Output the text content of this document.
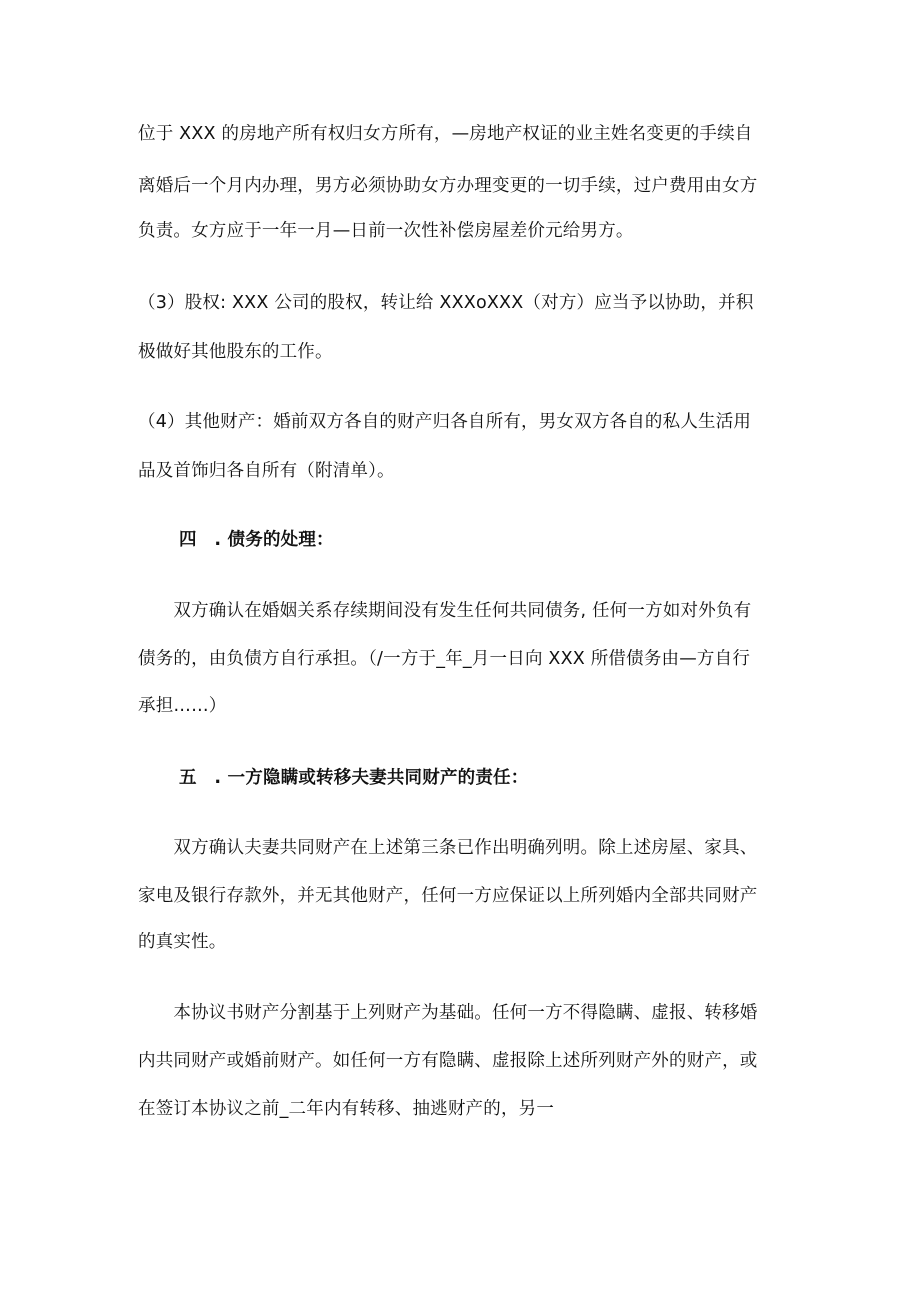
位于 XXX 的房地产所有权归女方所有，—房地产权证的业主姓名变更的手续自
离婚后一个月内办理，男方必须协助女方办理变更的一切手续，过户费用由女方
负责。女方应于一年一月—日前一次性补偿房屋差价元给男方。
（3）股权: XXX 公司的股权，转让给 XXXoXXX（对方）应当予以协助，并积
极做好其他股东的工作。
（4）其他财产：婚前双方各自的财产归各自所有，男女双方各自的私人生活用
品及首饰归各自所有（附清单）。
四　. 债务的处理：
　　双方确认在婚姻关系存续期间没有发生任何共同债务, 任何一方如对外负有
债务的，由负债方自行承担。（/一方于_年_月一日向 XXX 所借债务由—方自行
承担……）
五　. 一方隐瞒或转移夫妻共同财产的责任：
　　双方确认夫妻共同财产在上述第三条已作出明确列明。除上述房屋、家具、
家电及银行存款外，并无其他财产，任何一方应保证以上所列婚内全部共同财产
的真实性。
　　本协议书财产分割基于上列财产为基础。任何一方不得隐瞒、虚报、转移婚
内共同财产或婚前财产。如任何一方有隐瞒、虚报除上述所列财产外的财产，或
在签订本协议之前_二年内有转移、抽逃财产的，另一
